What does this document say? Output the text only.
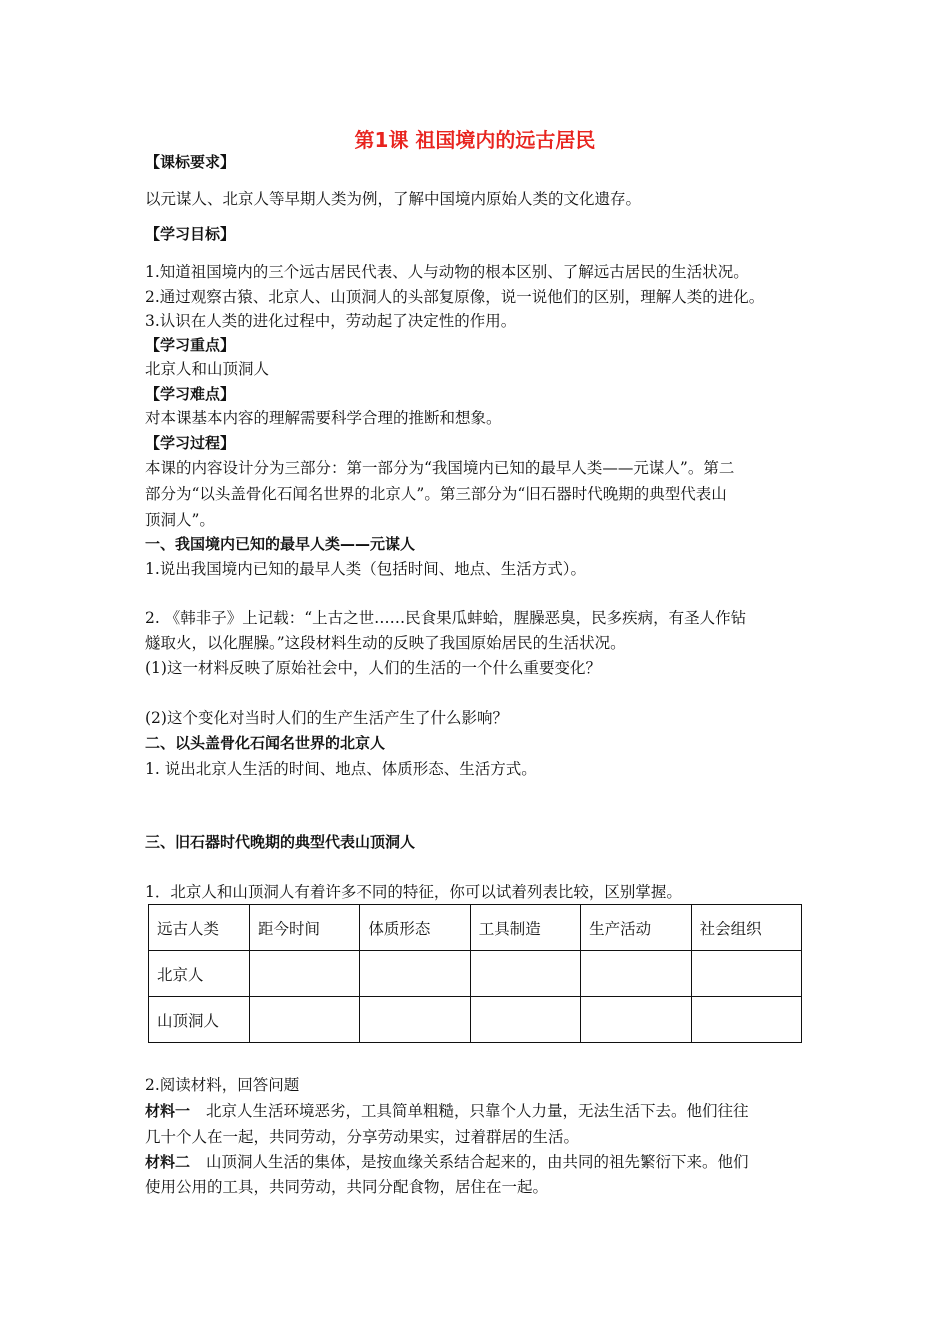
第1课 祖国境内的远古居民
【课标要求】
以元谋人、北京人等早期人类为例，了解中国境内原始人类的文化遗存。
【学习目标】
1.知道祖国境内的三个远古居民代表、人与动物的根本区别、了解远古居民的生活状况。
2.通过观察古猿、北京人、山顶洞人的头部复原像，说一说他们的区别，理解人类的进化。
3.认识在人类的进化过程中，劳动起了决定性的作用。
【学习重点】
北京人和山顶洞人
【学习难点】
对本课基本内容的理解需要科学合理的推断和想象。
【学习过程】
本课的内容设计分为三部分：第一部分为“我国境内已知的最早人类——元谋人”。第二
部分为“以头盖骨化石闻名世界的北京人”。第三部分为“旧石器时代晚期的典型代表山
顶洞人”。
一、我国境内已知的最早人类——元谋人
1.说出我国境内已知的最早人类（包括时间、地点、生活方式）。
2. 《韩非子》上记载：“上古之世……民食果瓜蚌蛤，腥臊恶臭，民多疾病，有圣人作钻
燧取火，以化腥臊。”这段材料生动的反映了我国原始居民的生活状况。
(1)这一材料反映了原始社会中，人们的生活的一个什么重要变化？
(2)这个变化对当时人们的生产生活产生了什么影响？
二、以头盖骨化石闻名世界的北京人
1. 说出北京人生活的时间、地点、体质形态、生活方式。
三、旧石器时代晚期的典型代表山顶洞人
1．北京人和山顶洞人有着许多不同的特征，你可以试着列表比较，区别掌握。
远古人类	距今时间	体质形态	工具制造	生产活动	社会组织
北京人					
山顶洞人					
2.阅读材料，回答问题
材料一 北京人生活环境恶劣，工具简单粗糙，只靠个人力量，无法生活下去。他们往往
几十个人在一起，共同劳动，分享劳动果实，过着群居的生活。
材料二 山顶洞人生活的集体，是按血缘关系结合起来的，由共同的祖先繁衍下来。他们
使用公用的工具，共同劳动，共同分配食物，居住在一起。
